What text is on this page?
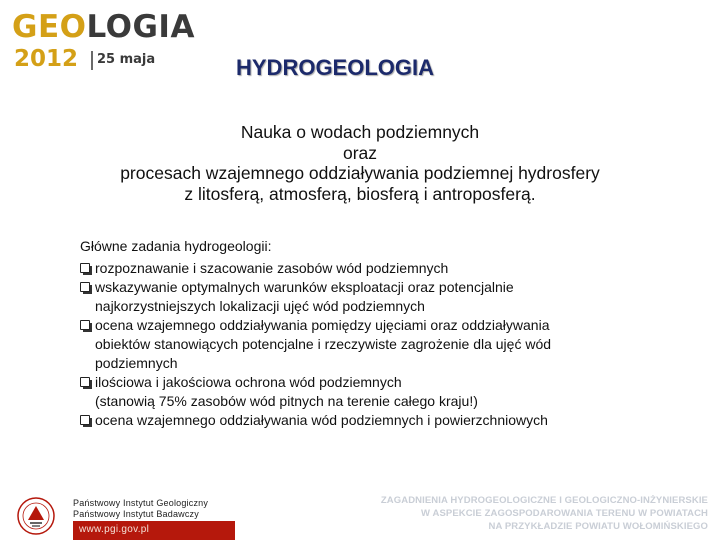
GEOLOGIA
2012 25 maja	HYDROGEOLOGIA
Nauka o wodach podziemnych
oraz
procesach wzajemnego oddziaływania podziemnej hydrosfery
z litosferą, atmosferą, biosferą i antroposferą.
Główne zadania hydrogeologii:
rozpoznawanie i szacowanie zasobów wód podziemnych
wskazywanie optymalnych warunków eksploatacji oraz potencjalnie
najkorzystniejszych lokalizacji ujęć wód podziemnych
ocena wzajemnego oddziaływania pomiędzy ujęciami oraz oddziaływania
obiektów stanowiących potencjalne i rzeczywiste zagrożenie dla ujęć wód
podziemnych
ilościowa i jakościowa ochrona wód podziemnych
(stanowią 75% zasobów wód pitnych na terenie całego kraju!)
ocena wzajemnego oddziaływania wód podziemnych i powierzchniowych
Państwowy Instytut Geologiczny
Państwowy Instytut Badawczy
www.pgi.gov.pl
ZAGADNIENIA HYDROGEOLOGICZNE I GEOLOGICZNO-INŻYNIERSKIE
W ASPEKCIE ZAGOSPODAROWANIA TERENU W POWIATACH
NA PRZYKŁADZIE POWIATU WOŁOMIŃSKIEGO
